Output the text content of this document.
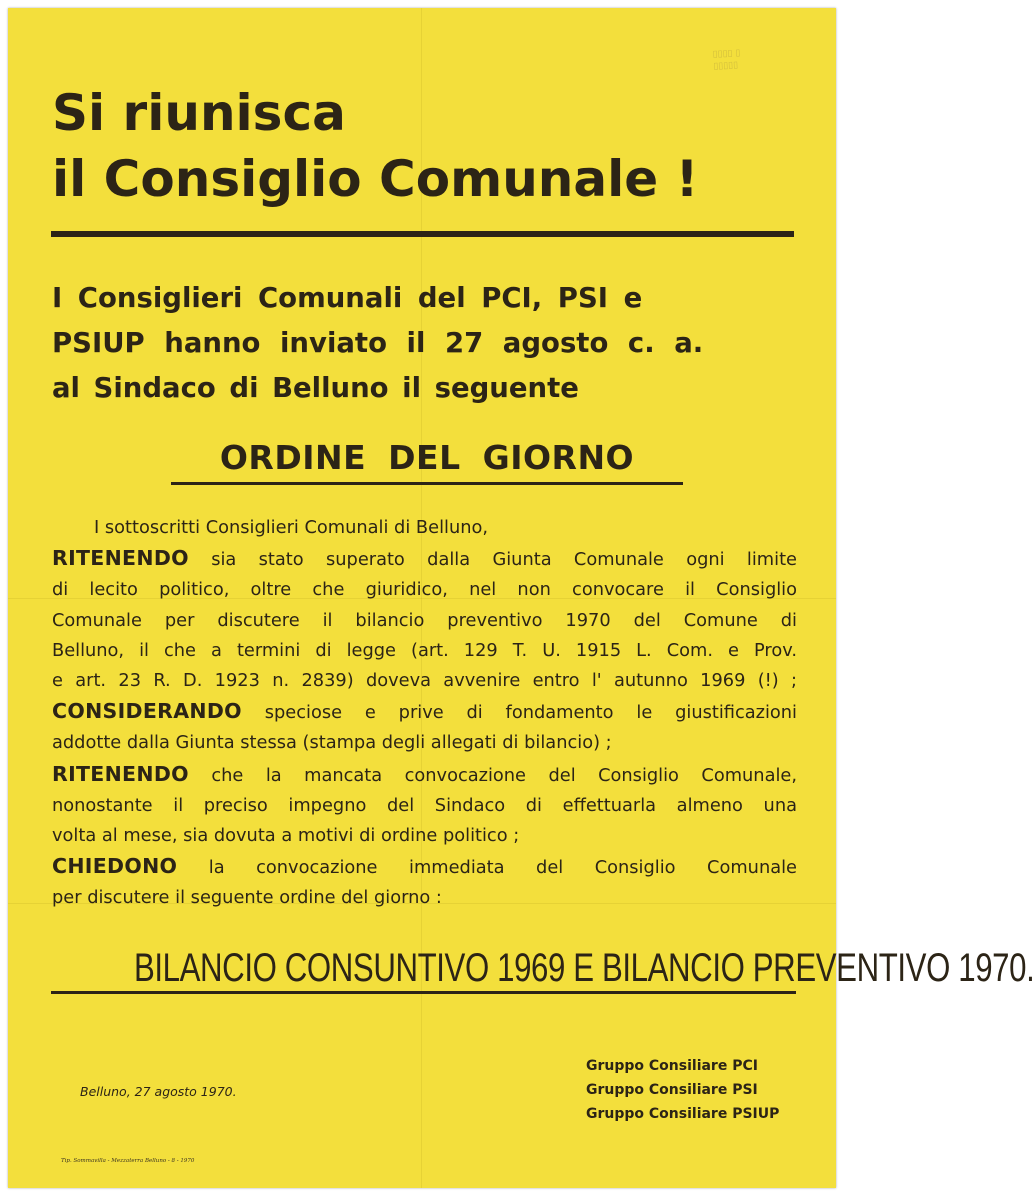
▯▯▯▯ ▯
▯▯▯▯▯
Si riunisca
il Consiglio Comunale !
I Consiglieri Comunali del PCI, PSI e
PSIUP hanno inviato il 27 agosto c. a.
al Sindaco di Belluno il seguente
ORDINE DEL GIORNO
I sottoscritti Consiglieri Comunali di Belluno,
RITENENDO sia stato superato dalla Giunta Comunale ogni limite
di lecito politico, oltre che giuridico, nel non convocare il Consiglio
Comunale per discutere il bilancio preventivo 1970 del Comune di
Belluno, il che a termini di legge (art. 129 T. U. 1915 L. Com. e Prov.
e art. 23 R. D. 1923 n. 2839) doveva avvenire entro l' autunno 1969 (!) ;
CONSIDERANDO speciose e prive di fondamento le giustificazioni
addotte dalla Giunta stessa (stampa degli allegati di bilancio) ;
RITENENDO che la mancata convocazione del Consiglio Comunale,
nonostante il preciso impegno del Sindaco di effettuarla almeno una
volta al mese, sia dovuta a motivi di ordine politico ;
CHIEDONO la convocazione immediata del Consiglio Comunale
per discutere il seguente ordine del giorno :
BILANCIO CONSUNTIVO 1969 E BILANCIO PREVENTIVO 1970.
Belluno, 27 agosto 1970.
Gruppo Consiliare PCI
Gruppo Consiliare PSI
Gruppo Consiliare PSIUP
Tip. Sommavilla - Mezzaterra Belluno - 8 - 1970
